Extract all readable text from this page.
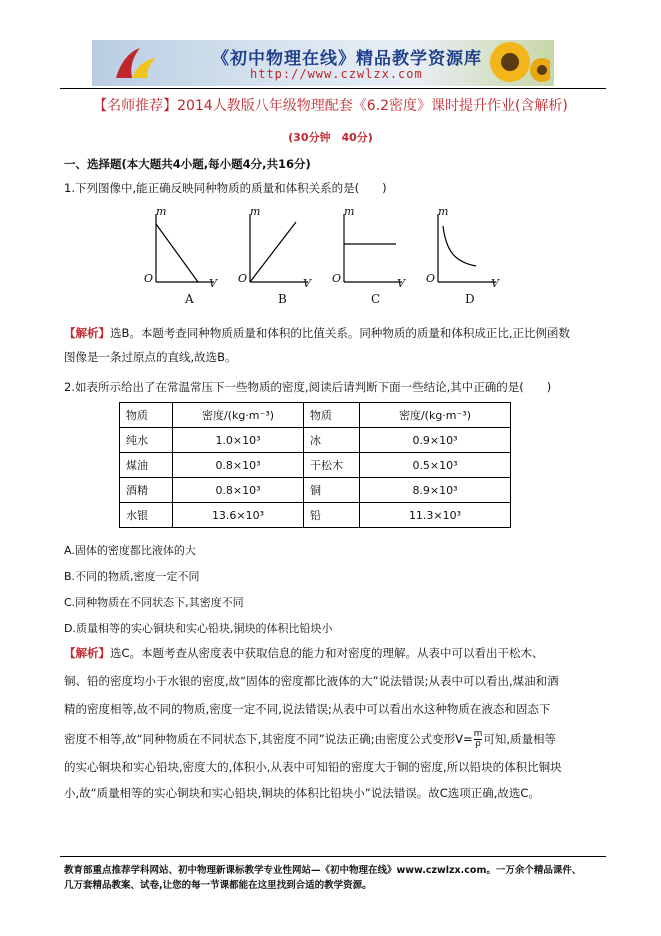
《初中物理在线》精品教学资源库
http://www.czwlzx.com
【名师推荐】2014人教版八年级物理配套《6.2密度》课时提升作业(含解析)
(30分钟　40分)
一、选择题(本大题共4小题,每小题4分,共16分)
1.下列图像中,能正确反映同种物质的质量和体积关系的是(　　)
m	m	m	m
O	O	O	O
V	V	V	V
A	B	C	D
【解析】选B。本题考查同种物质质量和体积的比值关系。同种物质的质量和体积成正比,正比例函数
图像是一条过原点的直线,故选B。
2.如表所示给出了在常温常压下一些物质的密度,阅读后请判断下面一些结论,其中正确的是(　　)
物质	密度/(kg·m⁻³)	物质	密度/(kg·m⁻³)
纯水	1.0×10³	冰	0.9×10³
煤油	0.8×10³	干松木	0.5×10³
酒精	0.8×10³	铜	8.9×10³
水银	13.6×10³	铅	11.3×10³
A.固体的密度都比液体的大
B.不同的物质,密度一定不同
C.同种物质在不同状态下,其密度不同
D.质量相等的实心铜块和实心铅块,铜块的体积比铅块小
【解析】选C。本题考查从密度表中获取信息的能力和对密度的理解。从表中可以看出干松木、
铜、铅的密度均小于水银的密度,故“固体的密度都比液体的大”说法错误;从表中可以看出,煤油和酒
精的密度相等,故不同的物质,密度一定不同,说法错误;从表中可以看出水这种物质在液态和固态下
密度不相等,故“同种物质在不同状态下,其密度不同”说法正确;由密度公式变形$V= \frac{m}{\rho}$ 可知,质量相等
的实心铜块和实心铅块,密度大的,体积小,从表中可知铅的密度大于铜的密度,所以铅块的体积比铜块
小,故“质量相等的实心铜块和实心铅块,铜块的体积比铅块小”说法错误。故C选项正确,故选C。
教育部重点推荐学科网站、初中物理新课标教学专业性网站—《初中物理在线》www.czwlzx.com。一万余个精品课件、
几万套精品教案、试卷,让您的每一节课都能在这里找到合适的教学资源。
